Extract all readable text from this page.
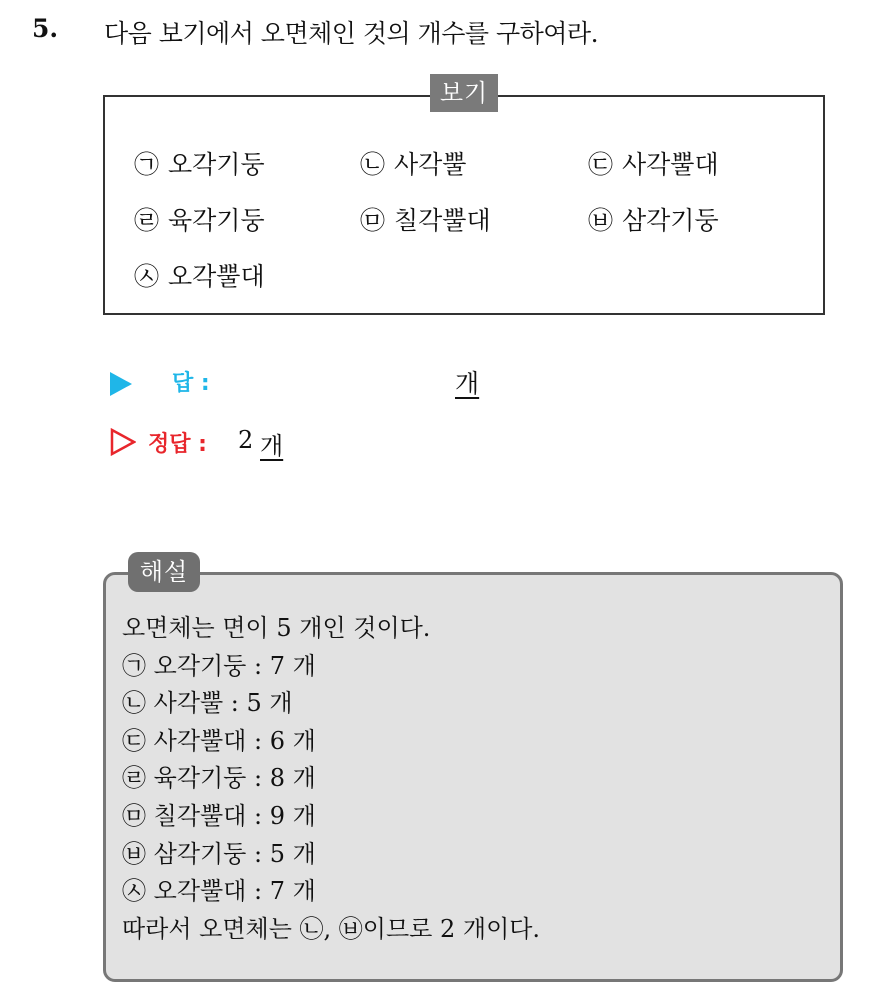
5. 다음 보기에서 오면체인 것의 개수를 구하여라.
보기
㉠ 오각기둥	㉡ 사각뿔	㉢ 사각뿔대
㉣ 육각기둥	㉤ 칠각뿔대	㉥ 삼각기둥
㉦ 오각뿔대
답 :	개
정답 : 2 개
해설
오면체는 면이 5 개인 것이다.
㉠ 오각기둥 : 7 개
㉡ 사각뿔 : 5 개
㉢ 사각뿔대 : 6 개
㉣ 육각기둥 : 8 개
㉤ 칠각뿔대 : 9 개
㉥ 삼각기둥 : 5 개
㉦ 오각뿔대 : 7 개
따라서 오면체는 ㉡, ㉥이므로 2 개이다.
